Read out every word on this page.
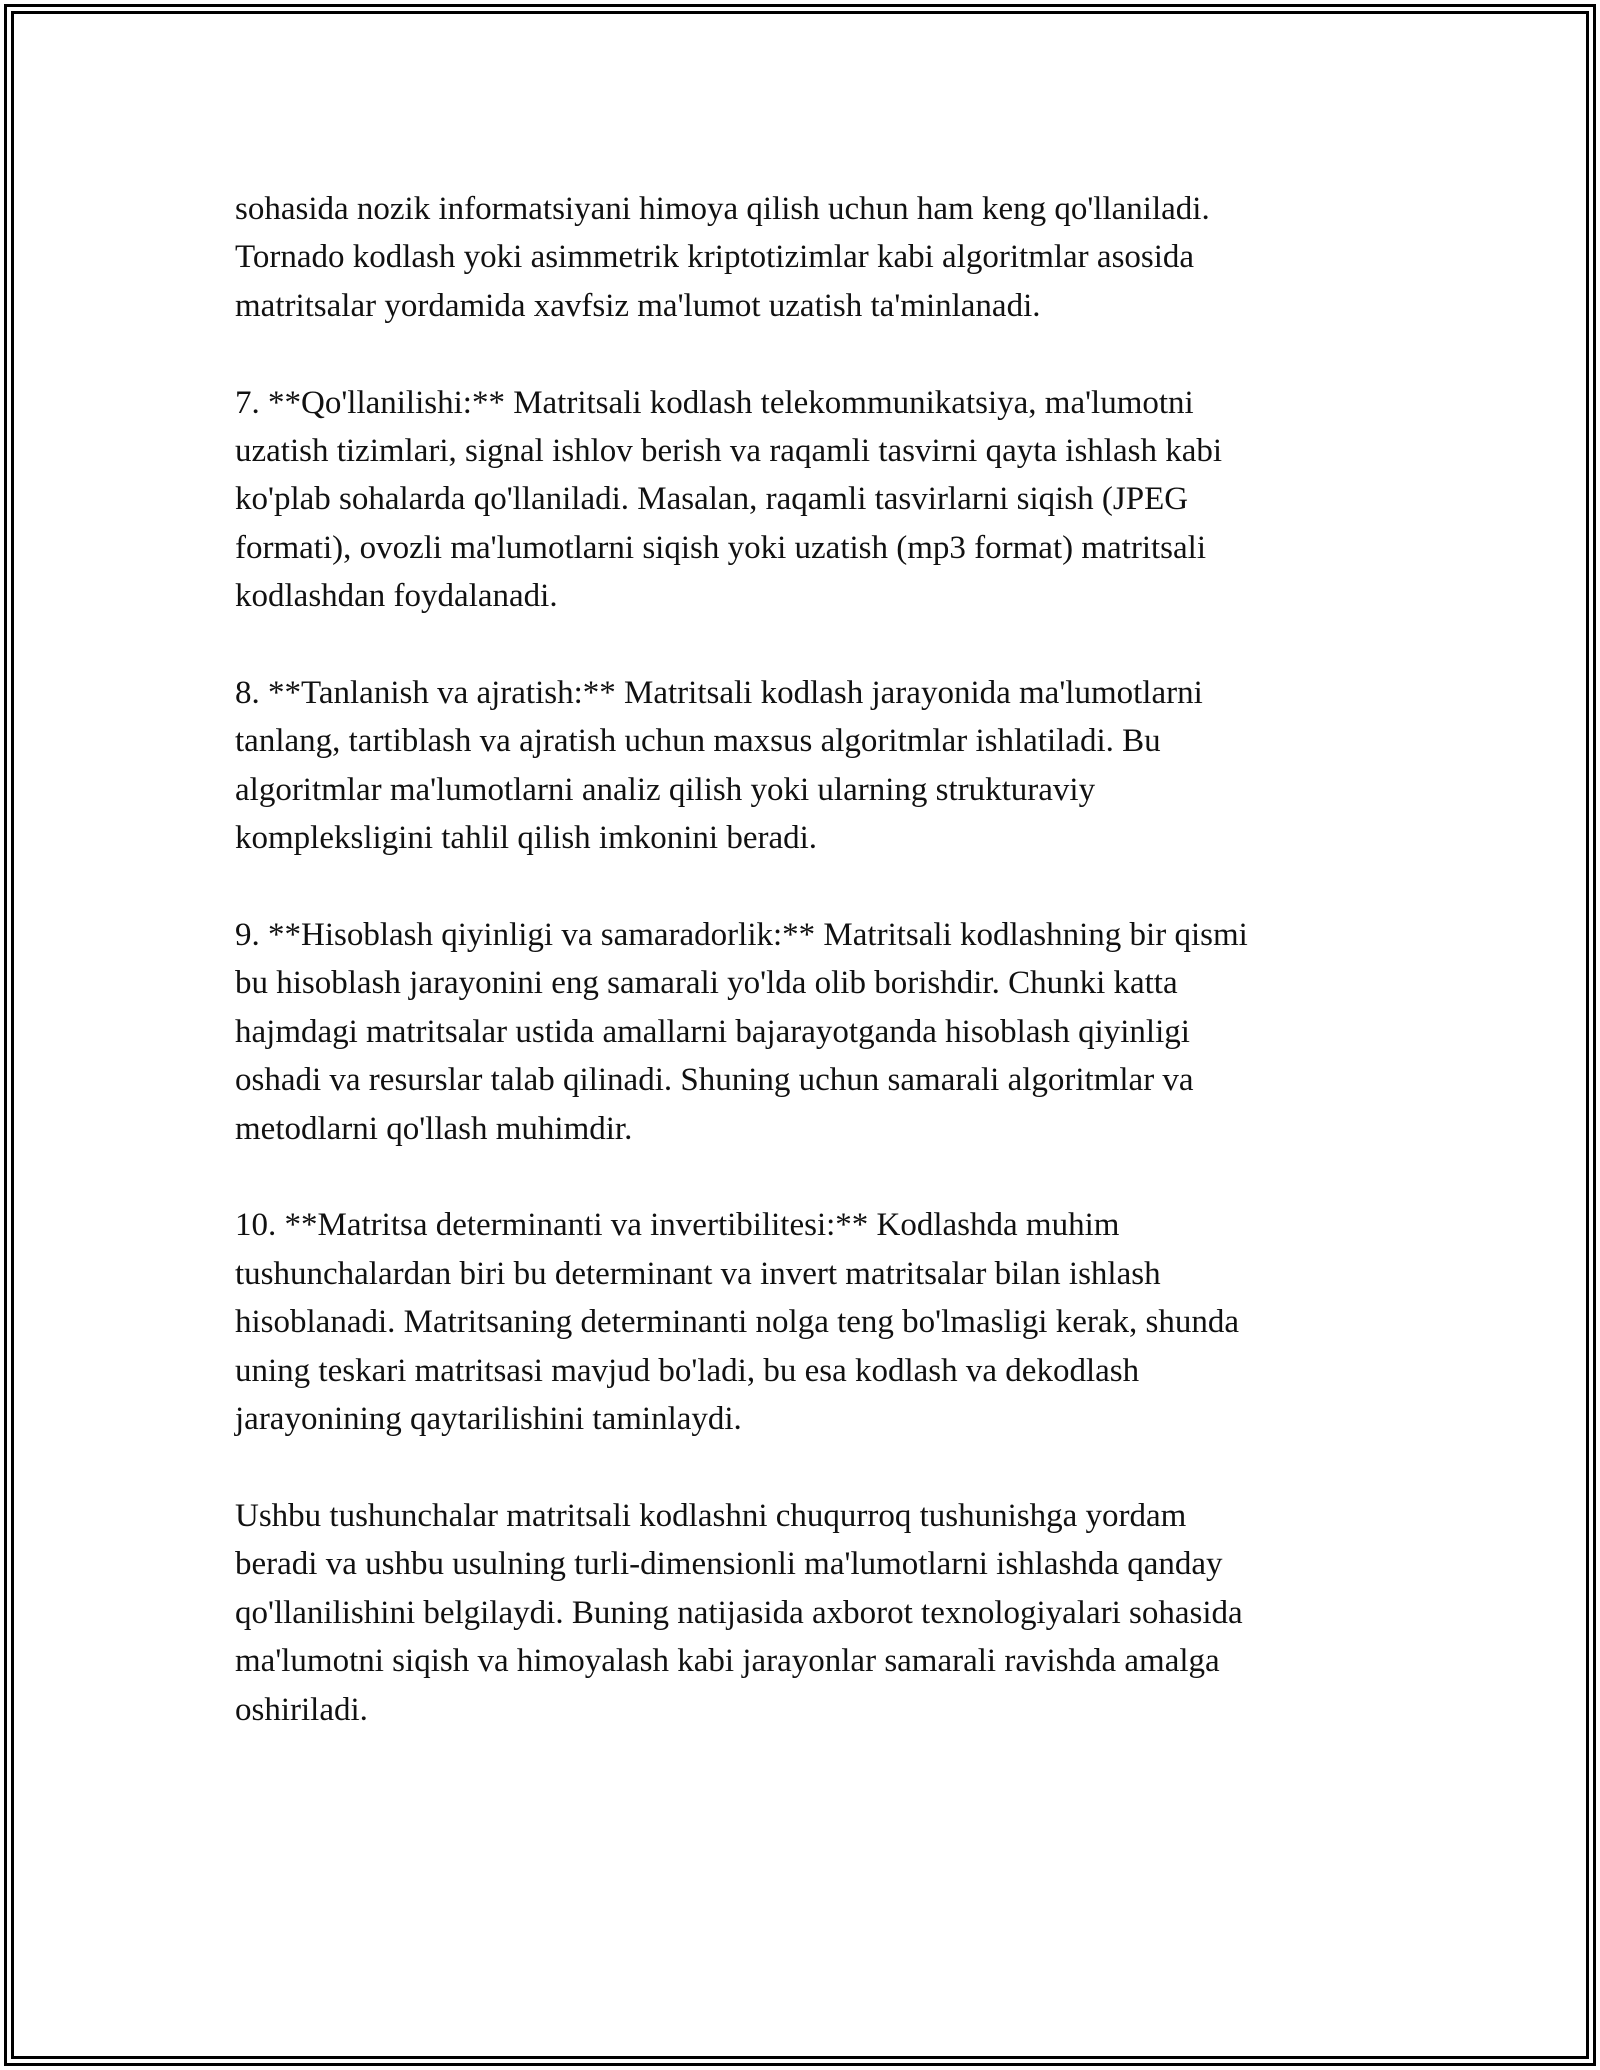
sohasida nozik informatsiyani himoya qilish uchun ham keng qo'llaniladi.
Tornado kodlash yoki asimmetrik kriptotizimlar kabi algoritmlar asosida
matritsalar yordamida xavfsiz ma'lumot uzatish ta'minlanadi.

7. **Qo'llanilishi:** Matritsali kodlash telekommunikatsiya, ma'lumotni
uzatish tizimlari, signal ishlov berish va raqamli tasvirni qayta ishlash kabi
ko'plab sohalarda qo'llaniladi. Masalan, raqamli tasvirlarni siqish (JPEG
formati), ovozli ma'lumotlarni siqish yoki uzatish (mp3 format) matritsali
kodlashdan foydalanadi.

8. **Tanlanish va ajratish:** Matritsali kodlash jarayonida ma'lumotlarni
tanlang, tartiblash va ajratish uchun maxsus algoritmlar ishlatiladi. Bu
algoritmlar ma'lumotlarni analiz qilish yoki ularning strukturaviy
kompleksligini tahlil qilish imkonini beradi.

9. **Hisoblash qiyinligi va samaradorlik:** Matritsali kodlashning bir qismi
bu hisoblash jarayonini eng samarali yo'lda olib borishdir. Chunki katta
hajmdagi matritsalar ustida amallarni bajarayotganda hisoblash qiyinligi
oshadi va resurslar talab qilinadi. Shuning uchun samarali algoritmlar va
metodlarni qo'llash muhimdir.

10. **Matritsa determinanti va invertibilitesi:** Kodlashda muhim
tushunchalardan biri bu determinant va invert matritsalar bilan ishlash
hisoblanadi. Matritsaning determinanti nolga teng bo'lmasligi kerak, shunda
uning teskari matritsasi mavjud bo'ladi, bu esa kodlash va dekodlash
jarayonining qaytarilishini taminlaydi.

Ushbu tushunchalar matritsali kodlashni chuqurroq tushunishga yordam
beradi va ushbu usulning turli-dimensionli ma'lumotlarni ishlashda qanday
qo'llanilishini belgilaydi. Buning natijasida axborot texnologiyalari sohasida
ma'lumotni siqish va himoyalash kabi jarayonlar samarali ravishda amalga
oshiriladi.
